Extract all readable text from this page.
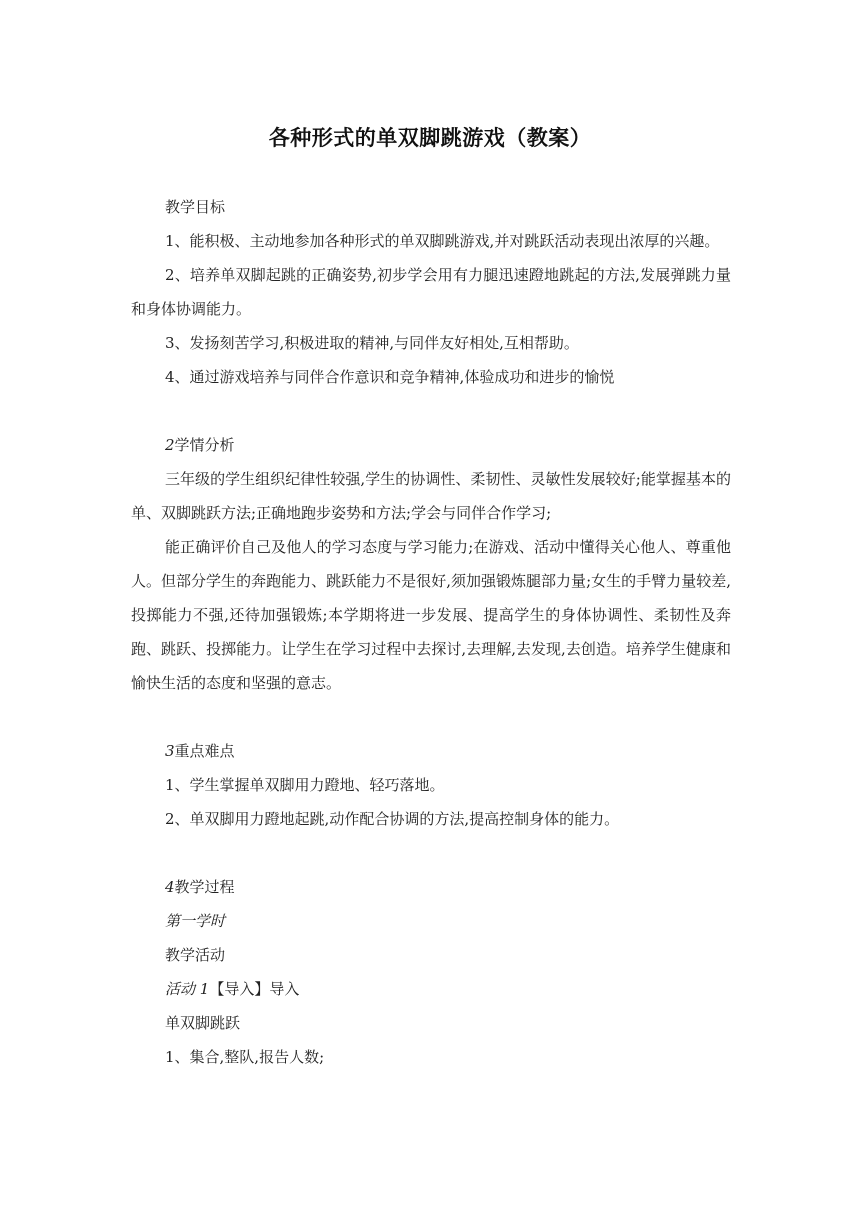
各种形式的单双脚跳游戏（教案）

教学目标

1、能积极、主动地参加各种形式的单双脚跳游戏,并对跳跃活动表现出浓厚的兴趣。

2、培养单双脚起跳的正确姿势,初步学会用有力腿迅速蹬地跳起的方法,发展弹跳力量和身体协调能力。

3、发扬刻苦学习,积极进取的精神,与同伴友好相处,互相帮助。

4、通过游戏培养与同伴合作意识和竞争精神,体验成功和进步的愉悦

2学情分析

三年级的学生组织纪律性较强,学生的协调性、柔韧性、灵敏性发展较好;能掌握基本的单、双脚跳跃方法;正确地跑步姿势和方法;学会与同伴合作学习;

能正确评价自己及他人的学习态度与学习能力;在游戏、活动中懂得关心他人、尊重他人。但部分学生的奔跑能力、跳跃能力不是很好,须加强锻炼腿部力量;女生的手臂力量较差,投掷能力不强,还待加强锻炼;本学期将进一步发展、提高学生的身体协调性、柔韧性及奔跑、跳跃、投掷能力。让学生在学习过程中去探讨,去理解,去发现,去创造。培养学生健康和愉快生活的态度和坚强的意志。

3重点难点

1、学生掌握单双脚用力蹬地、轻巧落地。

2、单双脚用力蹬地起跳,动作配合协调的方法,提高控制身体的能力。

4教学过程

第一学时

教学活动

活动 1【导入】导入

单双脚跳跃

1、集合,整队,报告人数;
